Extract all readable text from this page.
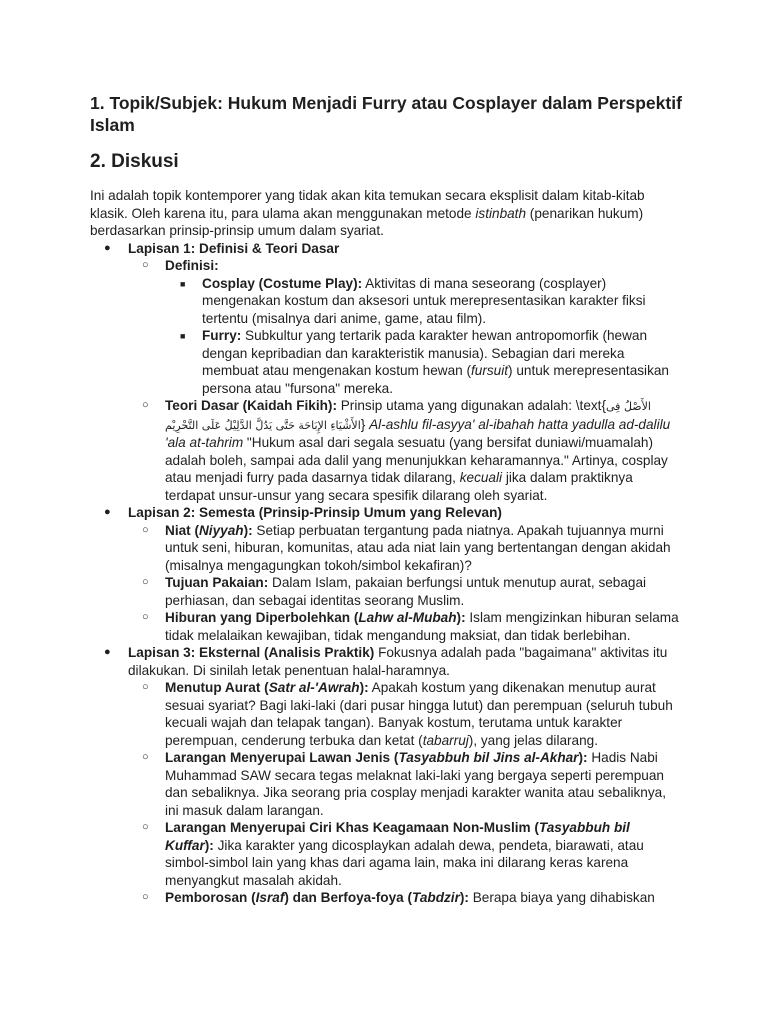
1. Topik/Subjek: Hukum Menjadi Furry atau Cosplayer dalam Perspektif Islam
2. Diskusi

Ini adalah topik kontemporer yang tidak akan kita temukan secara eksplisit dalam kitab-kitab klasik. Oleh karena itu, para ulama akan menggunakan metode istinbath (penarikan hukum) berdasarkan prinsip-prinsip umum dalam syariat.

● Lapisan 1: Definisi & Teori Dasar
○ Definisi:
■ Cosplay (Costume Play): Aktivitas di mana seseorang (cosplayer) mengenakan kostum dan aksesori untuk merepresentasikan karakter fiksi tertentu (misalnya dari anime, game, atau film).
■ Furry: Subkultur yang tertarik pada karakter hewan antropomorfik (hewan dengan kepribadian dan karakteristik manusia). Sebagian dari mereka membuat atau mengenakan kostum hewan (fursuit) untuk merepresentasikan persona atau "fursona" mereka.
○ Teori Dasar (Kaidah Fikih): Prinsip utama yang digunakan adalah: \text{الأَصْلُ فِى الأَشْيَاءِ الإِبَاحَة حَتَّى يَدُلَّ الدَّلِيْلُ عَلَى التَّحْرِيْم} Al-ashlu fil-asyya' al-ibahah hatta yadulla ad-dalilu 'ala at-tahrim "Hukum asal dari segala sesuatu (yang bersifat duniawi/muamalah) adalah boleh, sampai ada dalil yang menunjukkan keharamannya." Artinya, cosplay atau menjadi furry pada dasarnya tidak dilarang, kecuali jika dalam praktiknya terdapat unsur-unsur yang secara spesifik dilarang oleh syariat.
● Lapisan 2: Semesta (Prinsip-Prinsip Umum yang Relevan)
○ Niat (Niyyah): Setiap perbuatan tergantung pada niatnya. Apakah tujuannya murni untuk seni, hiburan, komunitas, atau ada niat lain yang bertentangan dengan akidah (misalnya mengagungkan tokoh/simbol kekafiran)?
○ Tujuan Pakaian: Dalam Islam, pakaian berfungsi untuk menutup aurat, sebagai perhiasan, dan sebagai identitas seorang Muslim.
○ Hiburan yang Diperbolehkan (Lahw al-Mubah): Islam mengizinkan hiburan selama tidak melalaikan kewajiban, tidak mengandung maksiat, dan tidak berlebihan.
● Lapisan 3: Eksternal (Analisis Praktik) Fokusnya adalah pada "bagaimana" aktivitas itu dilakukan. Di sinilah letak penentuan halal-haramnya.
○ Menutup Aurat (Satr al-'Awrah): Apakah kostum yang dikenakan menutup aurat sesuai syariat? Bagi laki-laki (dari pusar hingga lutut) dan perempuan (seluruh tubuh kecuali wajah dan telapak tangan). Banyak kostum, terutama untuk karakter perempuan, cenderung terbuka dan ketat (tabarruj), yang jelas dilarang.
○ Larangan Menyerupai Lawan Jenis (Tasyabbuh bil Jins al-Akhar): Hadis Nabi Muhammad SAW secara tegas melaknat laki-laki yang bergaya seperti perempuan dan sebaliknya. Jika seorang pria cosplay menjadi karakter wanita atau sebaliknya, ini masuk dalam larangan.
○ Larangan Menyerupai Ciri Khas Keagamaan Non-Muslim (Tasyabbuh bil Kuffar): Jika karakter yang dicosplaykan adalah dewa, pendeta, biarawati, atau simbol-simbol lain yang khas dari agama lain, maka ini dilarang keras karena menyangkut masalah akidah.
○ Pemborosan (Israf) dan Berfoya-foya (Tabdzir): Berapa biaya yang dihabiskan
